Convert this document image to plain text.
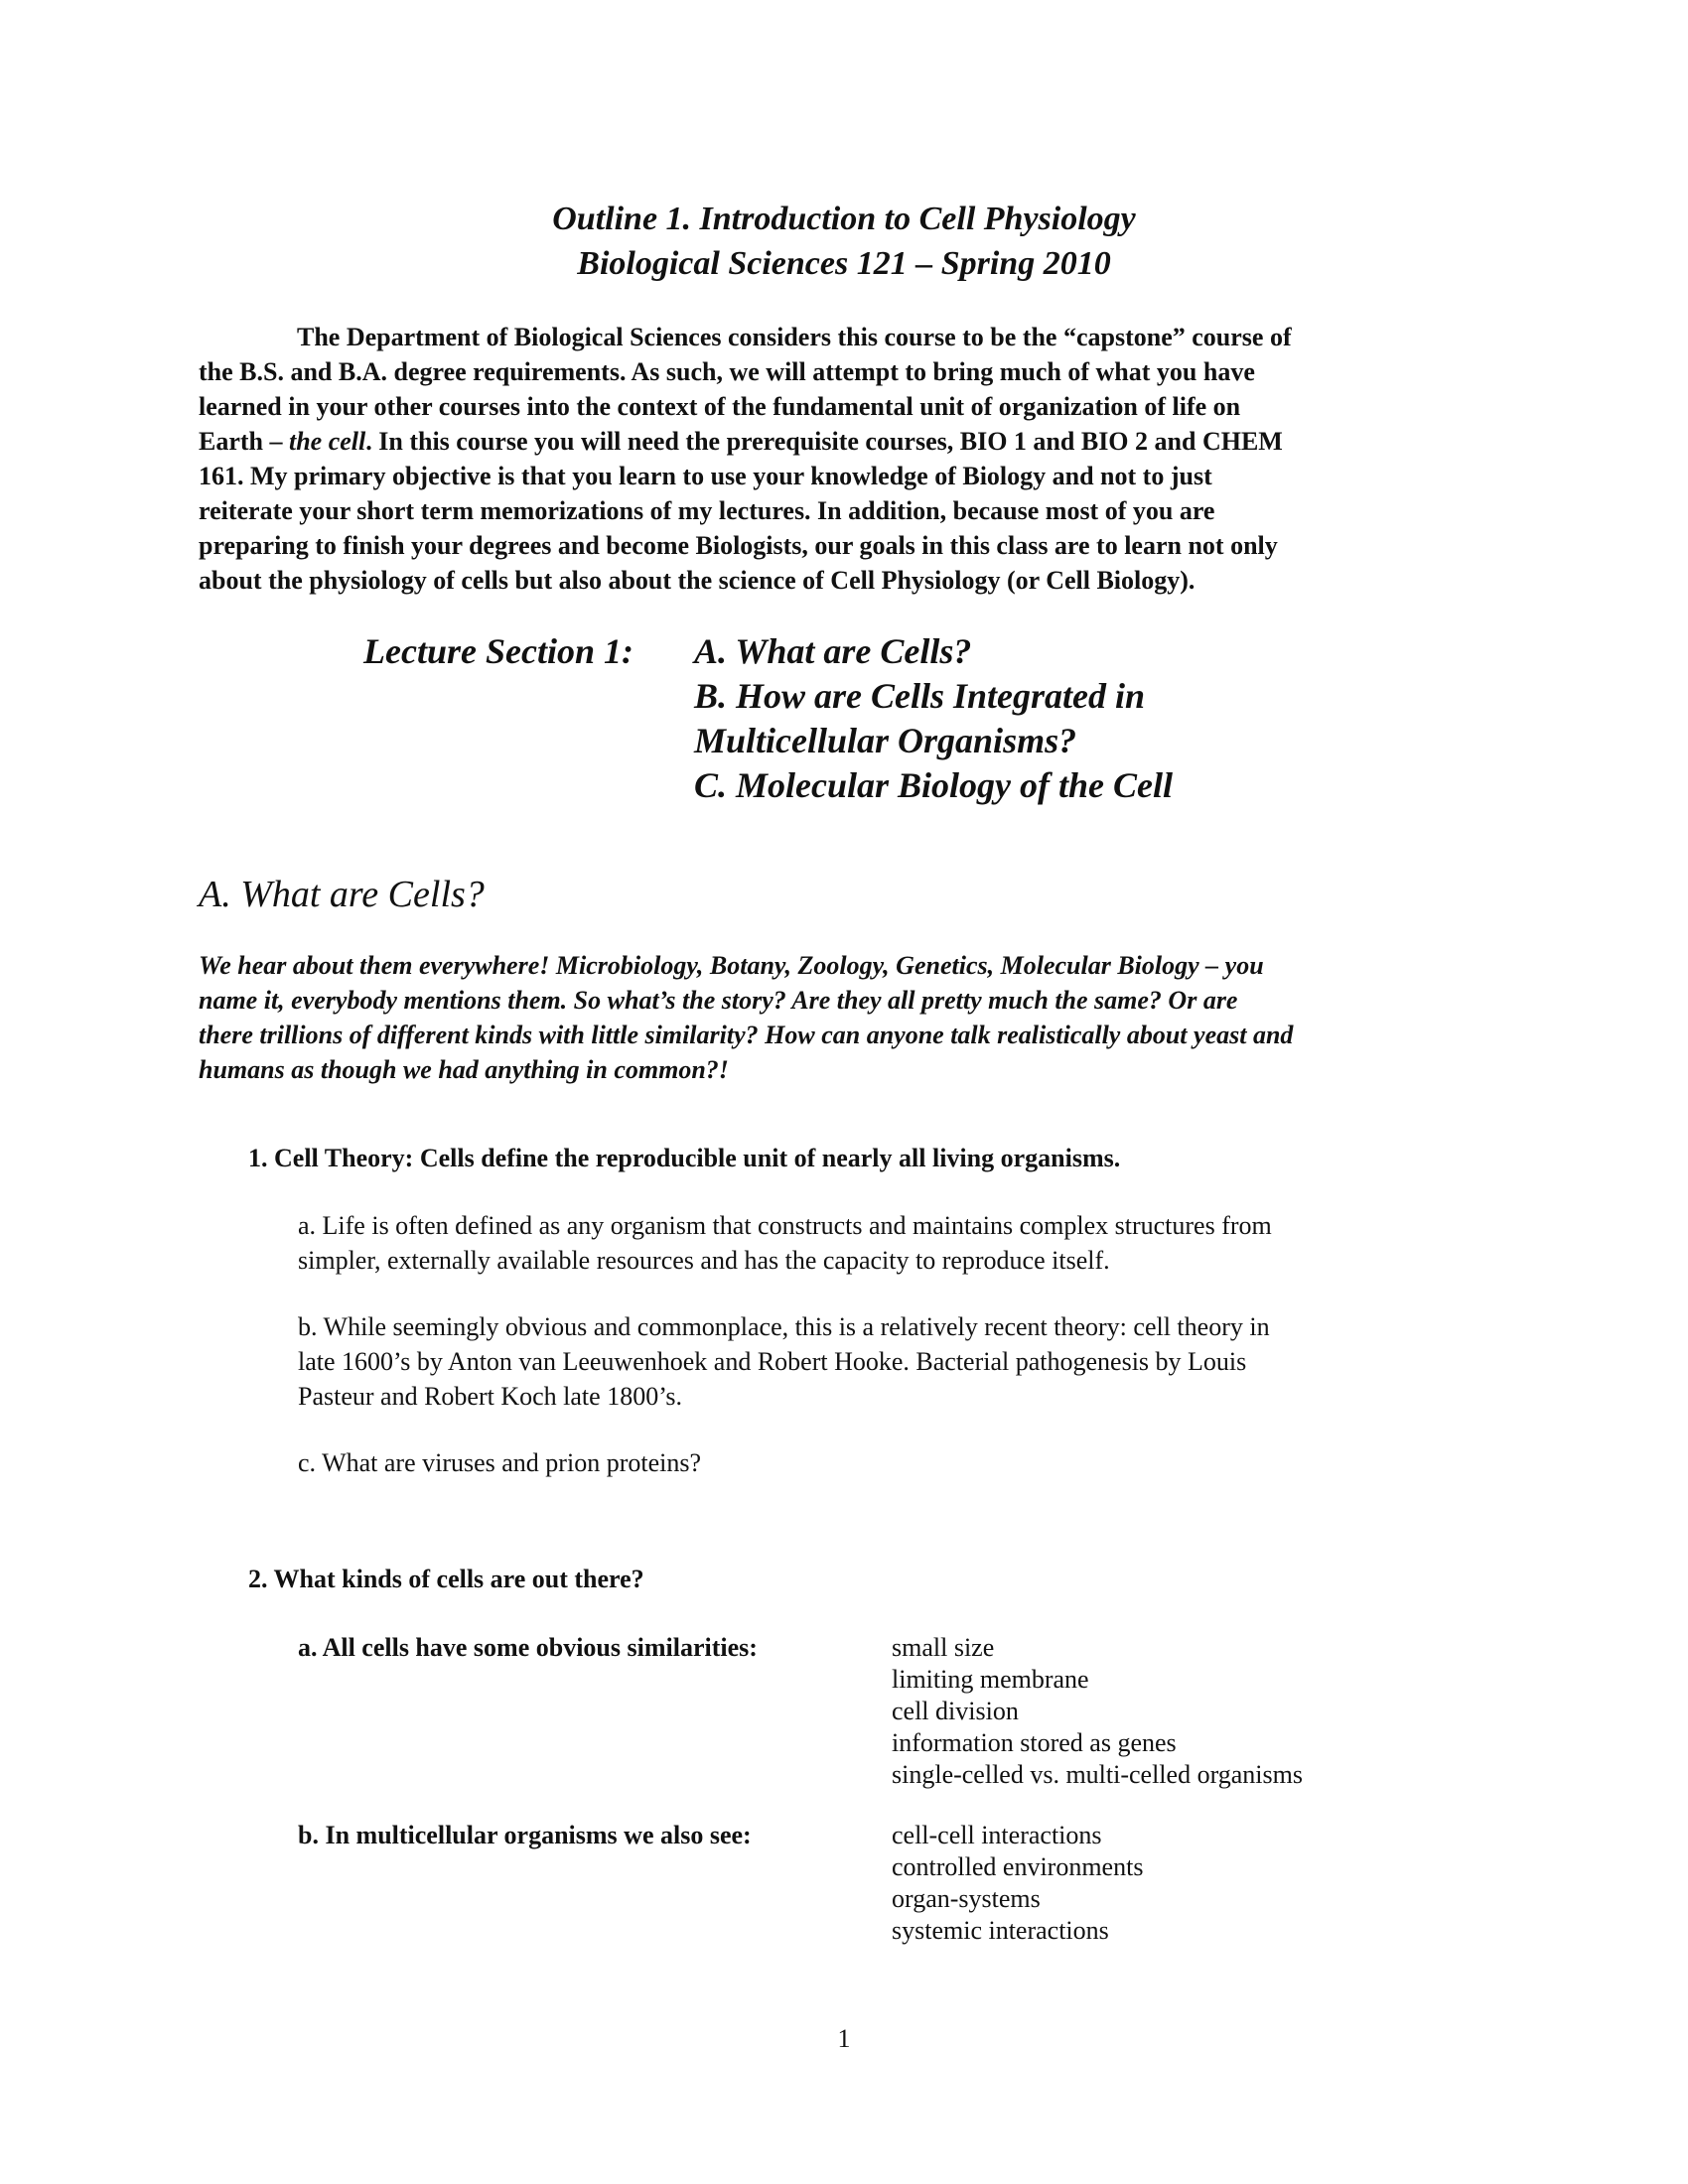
Outline 1. Introduction to Cell Physiology
Biological Sciences 121 – Spring 2010

The Department of Biological Sciences considers this course to be the “capstone” course of
the B.S. and B.A. degree requirements. As such, we will attempt to bring much of what you have
learned in your other courses into the context of the fundamental unit of organization of life on
Earth – the cell. In this course you will need the prerequisite courses, BIO 1 and BIO 2 and CHEM
161. My primary objective is that you learn to use your knowledge of Biology and not to just
reiterate your short term memorizations of my lectures. In addition, because most of you are
preparing to finish your degrees and become Biologists, our goals in this class are to learn not only
about the physiology of cells but also about the science of Cell Physiology (or Cell Biology).

Lecture Section 1: A. What are Cells?
B. How are Cells Integrated in
Multicellular Organisms?
C. Molecular Biology of the Cell
A. What are Cells?
We hear about them everywhere! Microbiology, Botany, Zoology, Genetics, Molecular Biology – you
name it, everybody mentions them. So what’s the story? Are they all pretty much the same? Or are
there trillions of different kinds with little similarity? How can anyone talk realistically about yeast and
humans as though we had anything in common?!
1. Cell Theory: Cells define the reproducible unit of nearly all living organisms.
a. Life is often defined as any organism that constructs and maintains complex structures from
simpler, externally available resources and has the capacity to reproduce itself.
b. While seemingly obvious and commonplace, this is a relatively recent theory: cell theory in
late 1600’s by Anton van Leeuwenhoek and Robert Hooke. Bacterial pathogenesis by Louis
Pasteur and Robert Koch late 1800’s.
c. What are viruses and prion proteins?
2. What kinds of cells are out there?
a. All cells have some obvious similarities:	small size
limiting membrane
cell division
information stored as genes
single-celled vs. multi-celled organisms
b. In multicellular organisms we also see:	cell-cell interactions
controlled environments
organ-systems
systemic interactions
1
